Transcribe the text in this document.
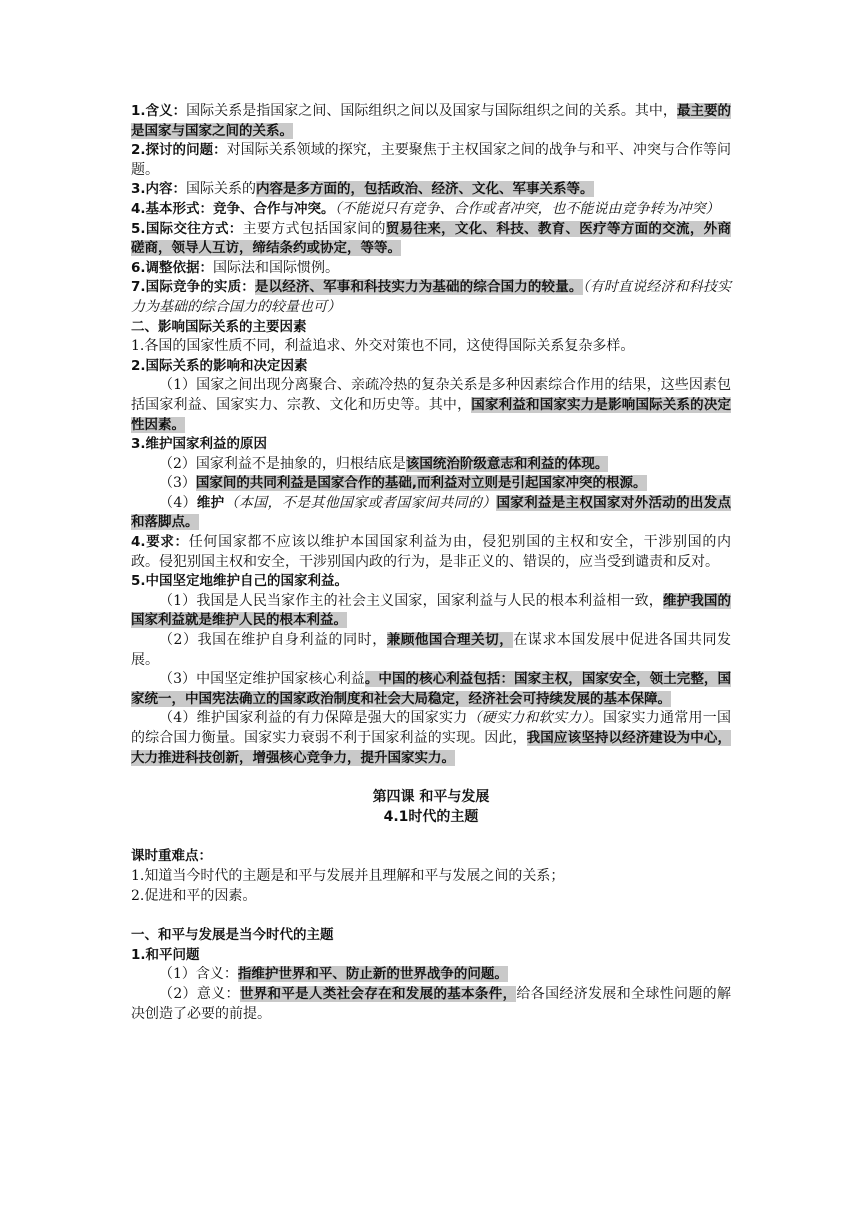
1.含义：国际关系是指国家之间、国际组织之间以及国家与国际组织之间的关系。其中，最主要的是国家与国家之间的关系。

2.探讨的问题：对国际关系领域的探究，主要聚焦于主权国家之间的战争与和平、冲突与合作等问题。

3.内容：国际关系的内容是多方面的，包括政治、经济、文化、军事关系等。

4.基本形式：竞争、合作与冲突。（不能说只有竞争、合作或者冲突，也不能说由竞争转为冲突）

5.国际交往方式：主要方式包括国家间的贸易往来，文化、科技、教育、医疗等方面的交流，外商磋商，领导人互访，缔结条约或协定，等等。

6.调整依据：国际法和国际惯例。

7.国际竞争的实质：是以经济、军事和科技实力为基础的综合国力的较量。（有时直说经济和科技实力为基础的综合国力的较量也可）

二、影响国际关系的主要因素

1.各国的国家性质不同，利益追求、外交对策也不同，这使得国际关系复杂多样。

2.国际关系的影响和决定因素

（1）国家之间出现分离聚合、亲疏冷热的复杂关系是多种因素综合作用的结果，这些因素包括国家利益、国家实力、宗教、文化和历史等。其中，国家利益和国家实力是影响国际关系的决定性因素。

3.维护国家利益的原因

（2）国家利益不是抽象的，归根结底是该国统治阶级意志和利益的体现。

（3）国家间的共同利益是国家合作的基础,而利益对立则是引起国家冲突的根源。

（4）维护（本国，不是其他国家或者国家间共同的）国家利益是主权国家对外活动的出发点和落脚点。

4.要求：任何国家都不应该以维护本国国家利益为由，侵犯别国的主权和安全，干涉别国的内政。侵犯别国主权和安全，干涉别国内政的行为，是非正义的、错误的，应当受到谴责和反对。

5.中国坚定地维护自己的国家利益。

（1）我国是人民当家作主的社会主义国家，国家利益与人民的根本利益相一致，维护我国的国家利益就是维护人民的根本利益。

（2）我国在维护自身利益的同时，兼顾他国合理关切，在谋求本国发展中促进各国共同发展。

（3）中国坚定维护国家核心利益。中国的核心利益包括：国家主权，国家安全，领土完整，国家统一，中国宪法确立的国家政治制度和社会大局稳定，经济社会可持续发展的基本保障。

（4）维护国家利益的有力保障是强大的国家实力（硬实力和软实力）。国家实力通常用一国的综合国力衡量。国家实力衰弱不利于国家利益的实现。因此，我国应该坚持以经济建设为中心，大力推进科技创新，增强核心竞争力，提升国家实力。

第四课 和平与发展

4.1时代的主题

课时重难点：

1.知道当今时代的主题是和平与发展并且理解和平与发展之间的关系；

2.促进和平的因素。

一、和平与发展是当今时代的主题

1.和平问题

（1）含义：指维护世界和平、防止新的世界战争的问题。

（2）意义：世界和平是人类社会存在和发展的基本条件，给各国经济发展和全球性问题的解决创造了必要的前提。
